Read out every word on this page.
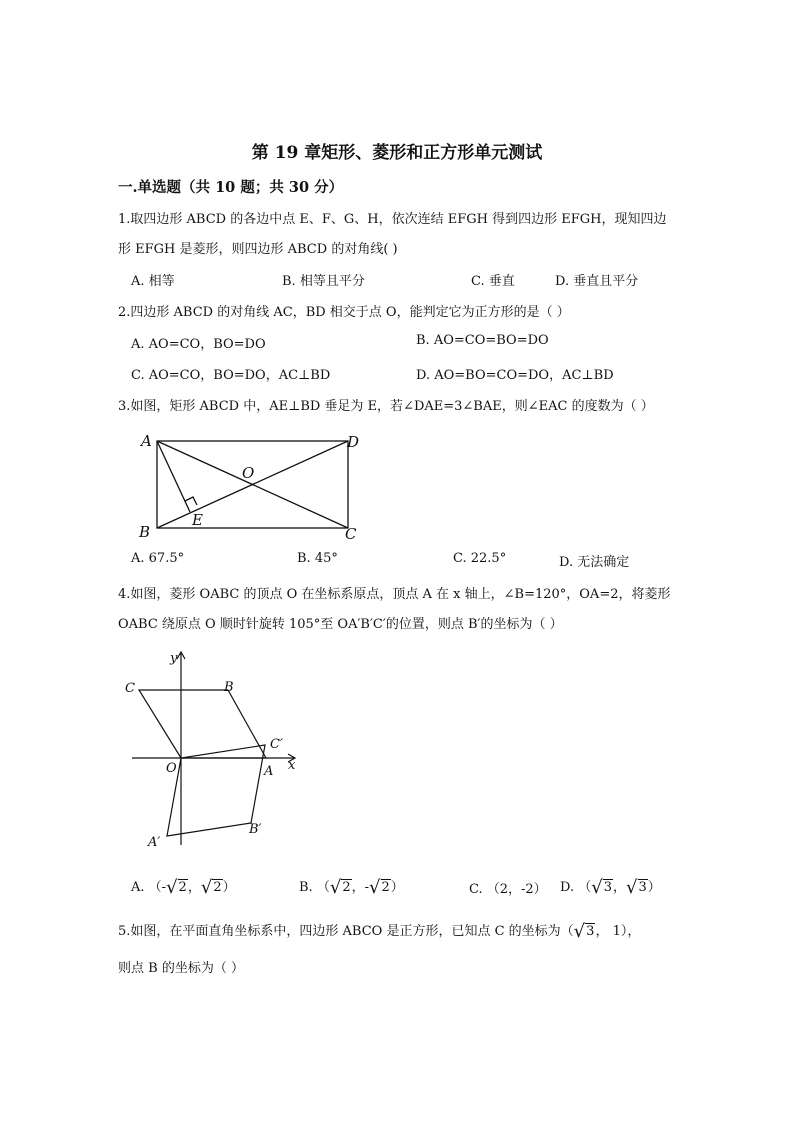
第 19 章矩形、菱形和正方形单元测试
一.单选题（共 10 题；共 30 分）
1.取四边形 ABCD 的各边中点 E、F、G、H，依次连结 EFGH 得到四边形 EFGH，现知四边
形 EFGH 是菱形，则四边形 ABCD 的对角线( )
A. 相等	B. 相等且平分	C. 垂直	D. 垂直且平分
2.四边形 ABCD 的对角线 AC，BD 相交于点 O，能判定它为正方形的是（ ）
A. AO=CO，BO=DO	B. AO=CO=BO=DO
C. AO=CO，BO=DO，AC⊥BD	D. AO=BO=CO=DO，AC⊥BD
3.如图，矩形 ABCD 中，AE⊥BD 垂足为 E，若∠DAE=3∠BAE，则∠EAC 的度数为（ ）
A
B	C
D
O
E
A. 67.5°	B. 45°	C. 22.5°	D. 无法确定
4.如图，菱形 OABC 的顶点 O 在坐标系原点，顶点 A 在 x 轴上，∠B=120°，OA=2，将菱形
OABC 绕原点 O 顺时针旋转 105°至 OA′B′C′的位置，则点 B′的坐标为（ ）
y
x
C	B
O	A
C′
A′
B′
A. （-√2，√2）	B. （√2，-√2）	C. （2，-2） D. （√3，√3）
5.如图，在平面直角坐标系中，四边形 ABCO 是正方形，已知点 C 的坐标为（√3， 1），
则点 B 的坐标为（ ）
